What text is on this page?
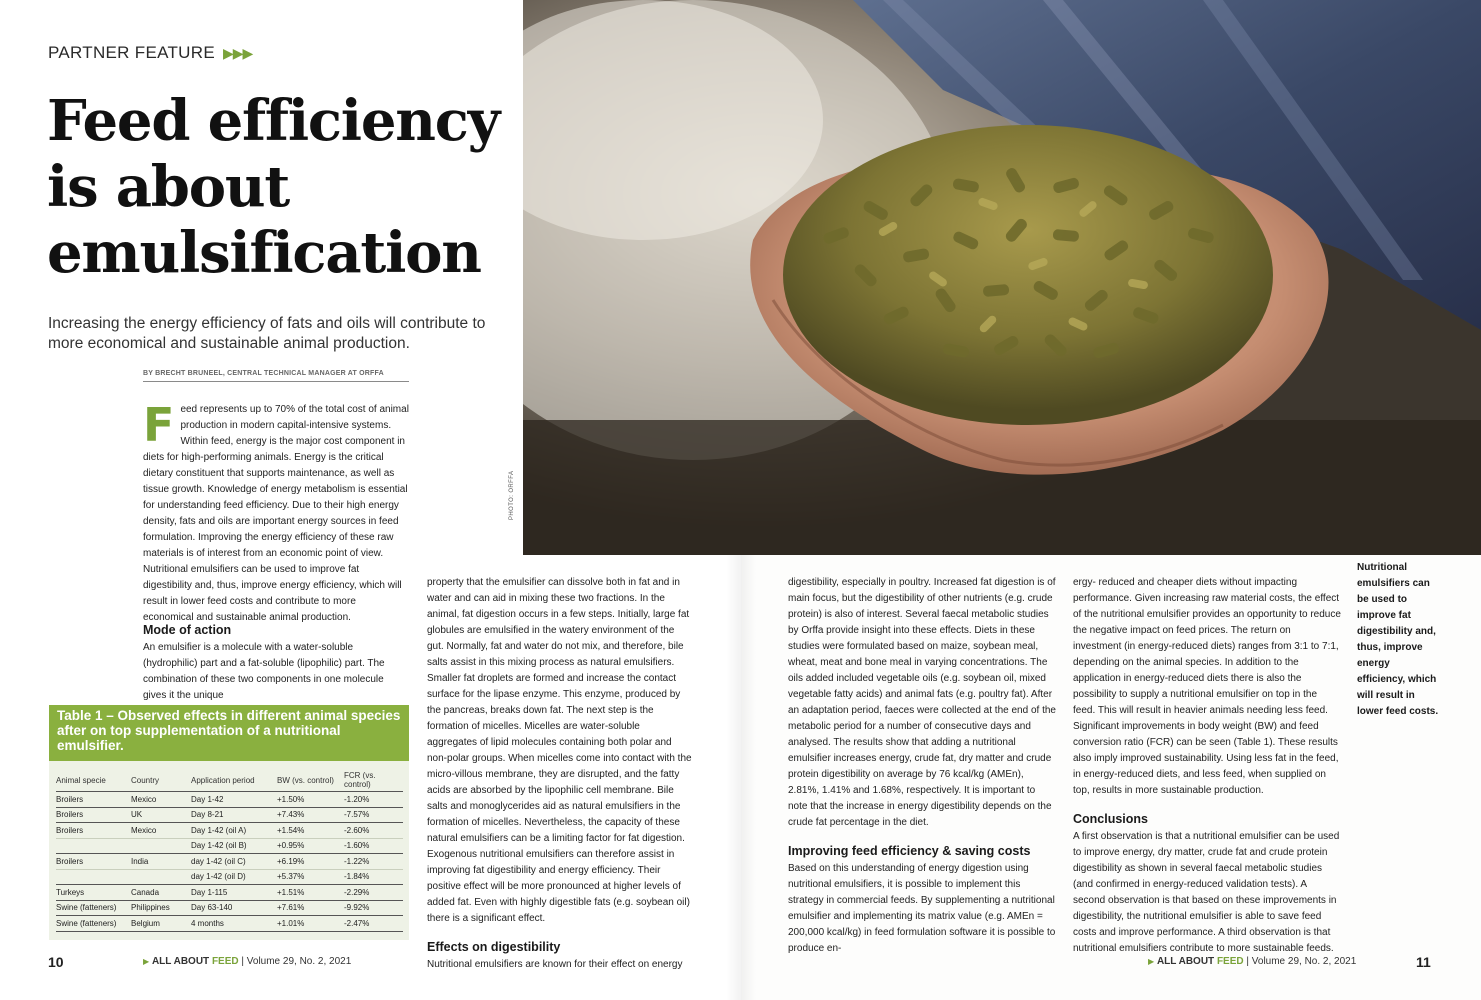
PARTNER FEATURE ▶▶▶
Feed efficiency
is about
emulsification
Increasing the energy efficiency of fats and oils will contribute to more economical and sustainable animal production.
BY BRECHT BRUNEEL, CENTRAL TECHNICAL MANAGER AT ORFFA
Feed represents up to 70% of the total cost of animal production in modern capital-intensive systems. Within feed, energy is the major cost component in diets for high-performing animals. Energy is the critical dietary constituent that supports maintenance, as well as tissue growth. Knowledge of energy metabolism is essential for understanding feed efficiency. Due to their high energy density, fats and oils are important energy sources in feed formulation. Improving the energy efficiency of these raw materials is of interest from an economic point of view. Nutritional emulsifiers can be used to improve fat digestibility and, thus, improve energy efficiency, which will result in lower feed costs and contribute to more economical and sustainable animal production.
Mode of action
An emulsifier is a molecule with a water-soluble (hydrophilic) part and a fat-soluble (lipophilic) part. The combination of these two components in one molecule gives it the unique
Table 1 – Observed effects in different animal species after on top supplementation of a nutritional emulsifier.
Animal specie	Country	Application period	BW (vs. control)	FCR (vs. control)
Broilers	Mexico	Day 1-42	+1.50%	-1.20%
Broilers	UK	Day 8-21	+7.43%	-7.57%
Broilers	Mexico	Day 1-42 (oil A)	+1.54%	-2.60%
		Day 1-42 (oil B)	+0.95%	-1.60%
Broilers	India	day 1-42 (oil C)	+6.19%	-1.22%
		day 1-42 (oil D)	+5.37%	-1.84%
Turkeys	Canada	Day 1-115	+1.51%	-2.29%
Swine (fatteners)	Philippines	Day 63-140	+7.61%	-9.92%
Swine (fatteners)	Belgium	4 months	+1.01%	-2.47%
PHOTO: ORFFA
property that the emulsifier can dissolve both in fat and in water and can aid in mixing these two fractions. In the animal, fat digestion occurs in a few steps. Initially, large fat globules are emulsified in the watery environment of the gut. Normally, fat and water do not mix, and therefore, bile salts assist in this mixing process as natural emulsifiers. Smaller fat droplets are formed and increase the contact surface for the lipase enzyme. This enzyme, produced by the pancreas, breaks down fat. The next step is the formation of micelles. Micelles are water-soluble aggregates of lipid molecules containing both polar and non-polar groups. When micelles come into contact with the micro-villous membrane, they are disrupted, and the fatty acids are absorbed by the lipophilic cell membrane. Bile salts and monoglycerides aid as natural emulsifiers in the formation of micelles. Nevertheless, the capacity of these natural emulsifiers can be a limiting factor for fat digestion. Exogenous nutritional emulsifiers can therefore assist in improving fat digestibility and energy efficiency. Their positive effect will be more pronounced at higher levels of added fat. Even with highly digestible fats (e.g. soybean oil) there is a significant effect.
Effects on digestibility
Nutritional emulsifiers are known for their effect on energy
digestibility, especially in poultry. Increased fat digestion is of main focus, but the digestibility of other nutrients (e.g. crude protein) is also of interest. Several faecal metabolic studies by Orffa provide insight into these effects. Diets in these studies were formulated based on maize, soybean meal, wheat, meat and bone meal in varying concentrations. The oils added included vegetable oils (e.g. soybean oil, mixed vegetable fatty acids) and animal fats (e.g. poultry fat). After an adaptation period, faeces were collected at the end of the metabolic period for a number of consecutive days and analysed. The results show that adding a nutritional emulsifier increases energy, crude fat, dry matter and crude protein digestibility on average by 76 kcal/kg (AMEn), 2.81%, 1.41% and 1.68%, respectively. It is important to note that the increase in energy digestibility depends on the crude fat percentage in the diet.
Improving feed efficiency & saving costs
Based on this understanding of energy digestion using nutritional emulsifiers, it is possible to implement this strategy in commercial feeds. By supplementing a nutritional emulsifier and implementing its matrix value (e.g. AMEn = 200,000 kcal/kg) in feed formulation software it is possible to produce en-
ergy- reduced and cheaper diets without impacting performance. Given increasing raw material costs, the effect of the nutritional emulsifier provides an opportunity to reduce the negative impact on feed prices. The return on investment (in energy-reduced diets) ranges from 3:1 to 7:1, depending on the animal species. In addition to the application in energy-reduced diets there is also the possibility to supply a nutritional emulsifier on top in the feed. This will result in heavier animals needing less feed. Significant improvements in body weight (BW) and feed conversion ratio (FCR) can be seen (Table 1). These results also imply improved sustainability. Using less fat in the feed, in energy-reduced diets, and less feed, when supplied on top, results in more sustainable production.
Conclusions
A first observation is that a nutritional emulsifier can be used to improve energy, dry matter, crude fat and crude protein digestibility as shown in several faecal metabolic studies (and confirmed in energy-reduced validation tests). A second observation is that based on these improvements in digestibility, the nutritional emulsifier is able to save feed costs and improve performance. A third observation is that nutritional emulsifiers contribute to more sustainable feeds.
Nutritional emulsifiers can be used to improve fat digestibility and, thus, improve energy efficiency, which will result in lower feed costs.
10	▶ ALL ABOUT FEED | Volume 29, No. 2, 2021	▶ ALL ABOUT FEED | Volume 29, No. 2, 2021	11
